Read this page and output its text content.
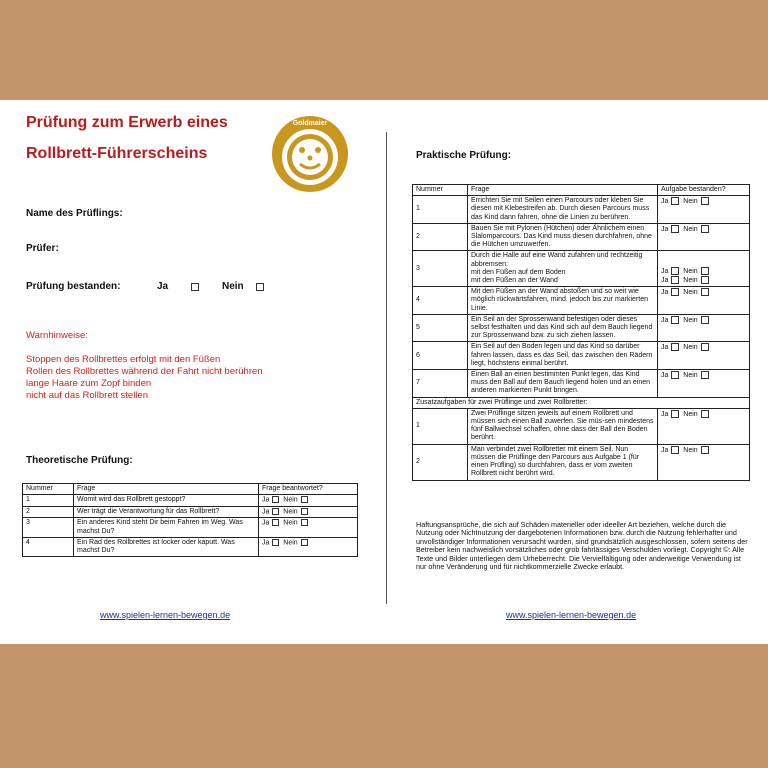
Prüfung zum Erwerb eines
Rollbrett-Führerscheins
Goldmaier
Name des Prüflings:
Prüfer:
Prüfung bestanden:	Ja	Nein
Warnhinweise:
Stoppen des Rollbrettes erfolgt mit den Füßen
Rollen des Rollbrettes während der Fahrt nicht berühren
lange Haare zum Zopf binden
nicht auf das Rollbrett stellen
Theoretische Prüfung:
Nummer	Frage	Frage beantwortet?
1	Womit wird das Rollbrett gestoppt?	Ja Nein
2	Wer trägt die Verantwortung für das Rollbrett?	Ja Nein
3	Ein anderes Kind steht Dir beim Fahren im Weg. Was machst Du?	Ja Nein
4	Ein Rad des Rollbrettes ist locker oder kaputt. Was machst Du?	Ja Nein
www.spielen-lernen-bewegen.de
Praktische Prüfung:
Nummer	Frage	Aufgabe bestanden?
1	Errichten Sie mit Seilen einen Parcours oder kleben Sie diesen mit Klebestreifen ab. Durch diesen Parcours muss das Kind dann fahren, ohne die Linien zu berühren.	Ja Nein
2	Bauen Sie mit Pylonen (Hütchen) oder Ähnlichem einen Slalomparcours. Das Kind muss diesen durchfahren, ohne die Hütchen umzuwerfen.	Ja Nein
3	Durch die Halle auf eine Wand zufahren und rechtzeitig abbremsen:
mit den Füßen auf dem Boden
mit den Füßen an der Wand	Ja Nein
Ja Nein
4	Mit den Füßen an der Wand abstoßen und so weit wie möglich rückwärtsfahren, mind. jedoch bis zur markierten Linie.	Ja Nein
5	Ein Seil an der Sprossenwand befestigen oder dieses selbst festhalten und das Kind sich auf dem Bauch liegend zur Sprossenwand bzw. zu sich ziehen lassen.	Ja Nein
6	Ein Seil auf den Boden legen und das Kind so darüber fahren lassen, dass es das Seil, das zwischen den Rädern liegt, höchstens einmal berührt.	Ja Nein
7	Einen Ball an einen bestimmten Punkt legen, das Kind muss den Ball auf dem Bauch liegend holen und an einen anderen markierten Punkt bringen.	Ja Nein
Zusatzaufgaben für zwei Prüflinge und zwei Rollbretter:		
1	Zwei Prüflinge sitzen jeweils auf einem Rollbrett und müssen sich einen Ball zuwerfen. Sie müs-sen mindestens fünf Ballwechsel schaffen, ohne dass der Ball den Boden berührt.	Ja Nein
2	Man verbindet zwei Rollbretter mit einem Seil. Nun müssen die Prüflinge den Parcours aus Aufgabe 1 (für einen Prüfling) so durchfahren, dass er vom zweiten Rollbrett nicht berührt wird.	Ja Nein
Haftungsansprüche, die sich auf Schäden materieller oder ideeller Art beziehen, welche durch die Nutzung oder Nichtnutzung der dargebotenen Informationen bzw. durch die Nutzung fehlerhafter und unvollständiger Informationen verursacht wurden, sind grundsätzlich ausgeschlossen, sofern seitens der Betreiber kein nachweislich vorsätzliches oder grob fahrlässiges Verschulden vorliegt. Copyright ©: Alle Texte und Bilder unterliegen dem Urheberrecht. Die Vervielfältigung oder anderweitige Verwendung ist nur ohne Veränderung und für nichtkommerzielle Zwecke erlaubt.
www.spielen-lernen-bewegen.de
